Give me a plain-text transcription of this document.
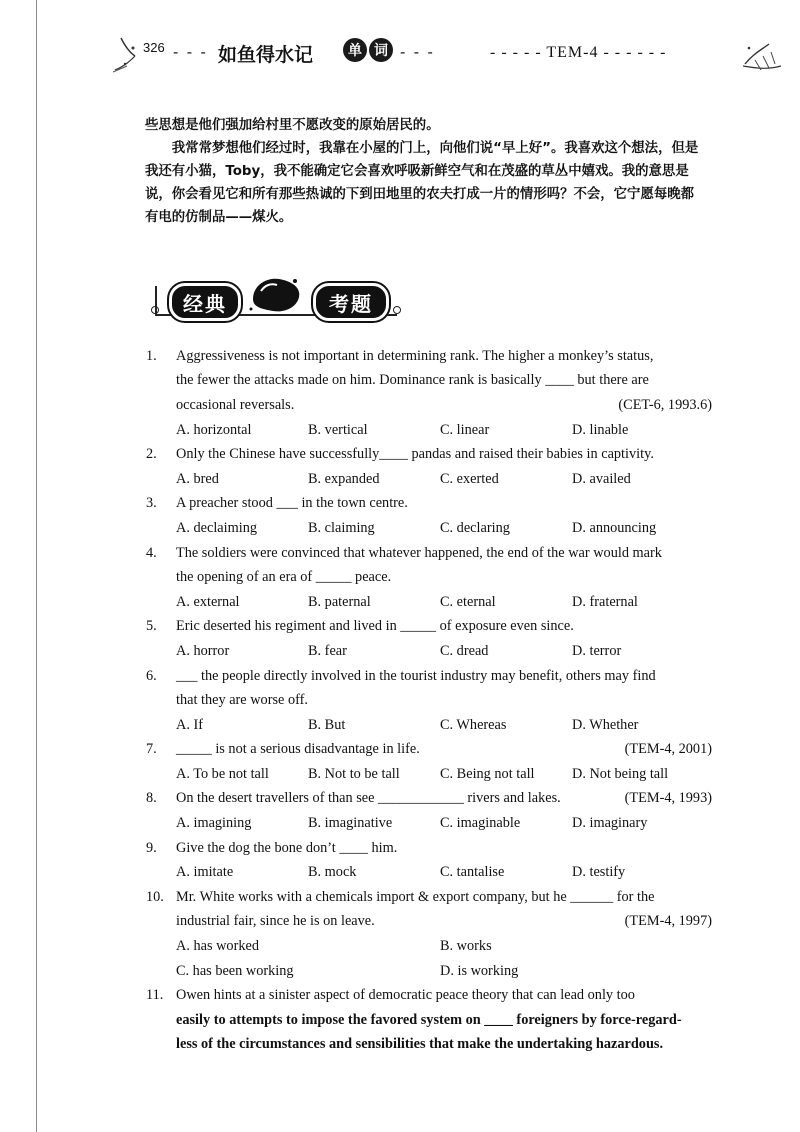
326 - - - 如鱼得水记	单 词 - - -	- - - - - TEM-4 - - - - - -

些思想是他们强加给村里不愿改变的原始居民的。

我常常梦想他们经过时，我靠在小屋的门上，向他们说“早上好”。我喜欢这个想法，但是我还有小猫，Toby，我不能确定它会喜欢呼吸新鲜空气和在茂盛的草丛中嬉戏。我的意思是说，你会看见它和所有那些热诚的下到田地里的农夫打成一片的情形吗？不会，它宁愿每晚都有电的仿制品——煤火。

经典	考题
1.	Aggressiveness is not important in determining rank. The higher a monkey’s status,
the fewer the attacks made on him. Dominance rank is basically ____ but there are
occasional reversals.	(CET-6, 1993.6)
A. horizontal	B. vertical	C. linear	D. linable
2.	Only the Chinese have successfully____ pandas and raised their babies in captivity.
A. bred	B. expanded	C. exerted	D. availed
3.	A preacher stood ___ in the town centre.
A. declaiming	B. claiming	C. declaring	D. announcing
4.	The soldiers were convinced that whatever happened, the end of the war would mark
the opening of an era of _____ peace.
A. external	B. paternal	C. eternal	D. fraternal
5.	Eric deserted his regiment and lived in _____ of exposure even since.
A. horror	B. fear	C. dread	D. terror
6.	___ the people directly involved in the tourist industry may benefit, others may find
that they are worse off.
A. If	B. But	C. Whereas	D. Whether
7.	_____ is not a serious disadvantage in life.	(TEM-4, 2001)
A. To be not tall	B. Not to be tall	C. Being not tall	D. Not being tall
8.	On the desert travellers of than see ____________ rivers and lakes.	(TEM-4, 1993)
A. imagining	B. imaginative	C. imaginable	D. imaginary
9.	Give the dog the bone don’t ____ him.
A. imitate	B. mock	C. tantalise	D. testify
10. Mr. White works with a chemicals import & export company, but he ______ for the
industrial fair, since he is on leave.	(TEM-4, 1997)
A. has worked	B. works
C. has been working	D. is working
11. Owen hints at a sinister aspect of democratic peace theory that can lead only too
easily to attempts to impose the favored system on ____ foreigners by force-regard-
less of the circumstances and sensibilities that make the undertaking hazardous.
